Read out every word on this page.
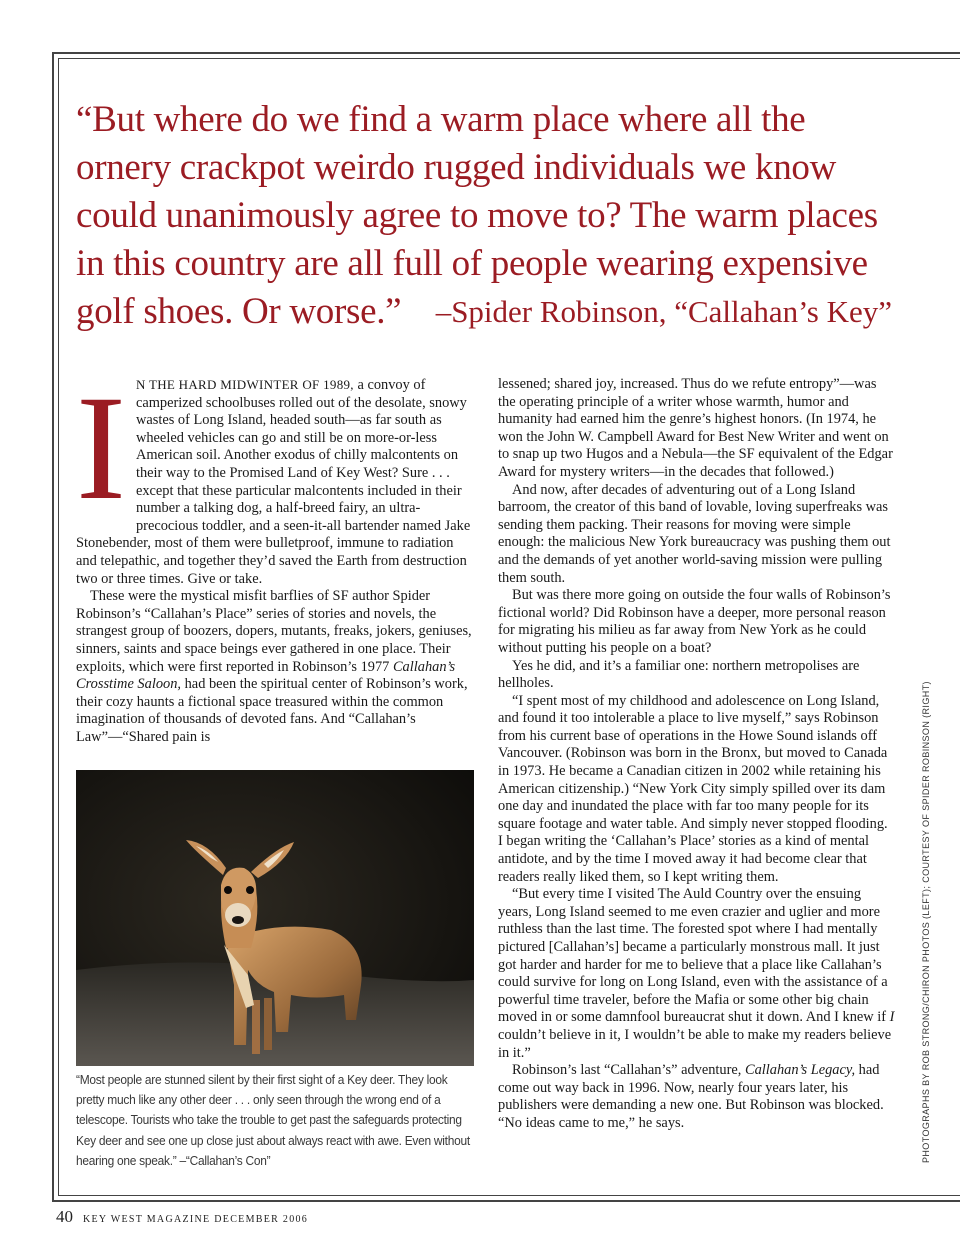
“But where do we find a warm place where all the ornery crackpot weirdo rugged individuals we know could unanimously agree to move to? The warm places in this country are all full of people wearing expensive golf shoes. Or worse.”	–Spider Robinson, “Callahan’s Key”

I N THE HARD MIDWINTER OF 1989, a convoy of camperized schoolbuses rolled out of the desolate, snowy wastes of Long Island, headed south—as far south as wheeled vehicles can go and still be on more-or-less American soil. Another exodus of chilly malcontents on their way to the Promised Land of Key West? Sure . . . except that these particular malcontents included in their number a talking dog, a half-breed fairy, an ultra-precocious toddler, and a seen-it-all bartender named Jake Stonebender, most of them were bulletproof, immune to radiation and telepathic, and together they’d saved the Earth from destruction two or three times. Give or take.

These were the mystical misfit barflies of SF author Spider Robinson’s “Callahan’s Place” series of stories and novels, the strangest group of boozers, dopers, mutants, freaks, jokers, geniuses, sinners, saints and space beings ever gathered in one place. Their exploits, which were first reported in Robinson’s 1977 Callahan’s Crosstime Saloon, had been the spiritual center of Robinson’s work, their cozy haunts a fictional space treasured within the common imagination of thousands of devoted fans. And “Callahan’s Law”—“Shared pain is

“Most people are stunned silent by their first sight of a Key deer. They look pretty much like any other deer . . . only seen through the wrong end of a telescope. Tourists who take the trouble to get past the safeguards protecting Key deer and see one up close just about always react with awe. Even without hearing one speak.” –“Callahan’s Con”

lessened; shared joy, increased. Thus do we refute entropy”—was the operating principle of a writer whose warmth, humor and humanity had earned him the genre’s highest honors. (In 1974, he won the John W. Campbell Award for Best New Writer and went on to snap up two Hugos and a Nebula—the SF equivalent of the Edgar Award for mystery writers—in the decades that followed.)

And now, after decades of adventuring out of a Long Island barroom, the creator of this band of lovable, loving superfreaks was sending them packing. Their reasons for moving were simple enough: the malicious New York bureaucracy was pushing them out and the demands of yet another world-saving mission were pulling them south.

But was there more going on outside the four walls of Robinson’s fictional world? Did Robinson have a deeper, more personal reason for migrating his milieu as far away from New York as he could without putting his people on a boat?

Yes he did, and it’s a familiar one: northern metropolises are hellholes.

“I spent most of my childhood and adolescence on Long Island, and found it too intolerable a place to live myself,” says Robinson from his current base of operations in the Howe Sound islands off Vancouver. (Robinson was born in the Bronx, but moved to Canada in 1973. He became a Canadian citizen in 2002 while retaining his American citizenship.) “New York City simply spilled over its dam one day and inundated the place with far too many people for its square footage and water table. And simply never stopped flooding. I began writing the ‘Callahan’s Place’ stories as a kind of mental antidote, and by the time I moved away it had become clear that readers really liked them, so I kept writing them.

“But every time I visited The Auld Country over the ensuing years, Long Island seemed to me even crazier and uglier and more ruthless than the last time. The forested spot where I had mentally pictured [Callahan’s] became a particularly monstrous mall. It just got harder and harder for me to believe that a place like Callahan’s could survive for long on Long Island, even with the assistance of a powerful time traveler, before the Mafia or some other big chain moved in or some damnfool bureaucrat shut it down. And I knew if I couldn’t believe in it, I wouldn’t be able to make my readers believe in it.”

Robinson’s last “Callahan’s” adventure, Callahan’s Legacy, had come out way back in 1996. Now, nearly four years later, his publishers were demanding a new one. But Robinson was blocked. “No ideas came to me,” he says.	PHOTOGRAPHS BY ROB STRONG/CHIRON PHOTOS (LEFT); COURTESY OF SPIDER ROBINSON (RIGHT)
40 KEY WEST MAGAZINE DECEMBER 2006
